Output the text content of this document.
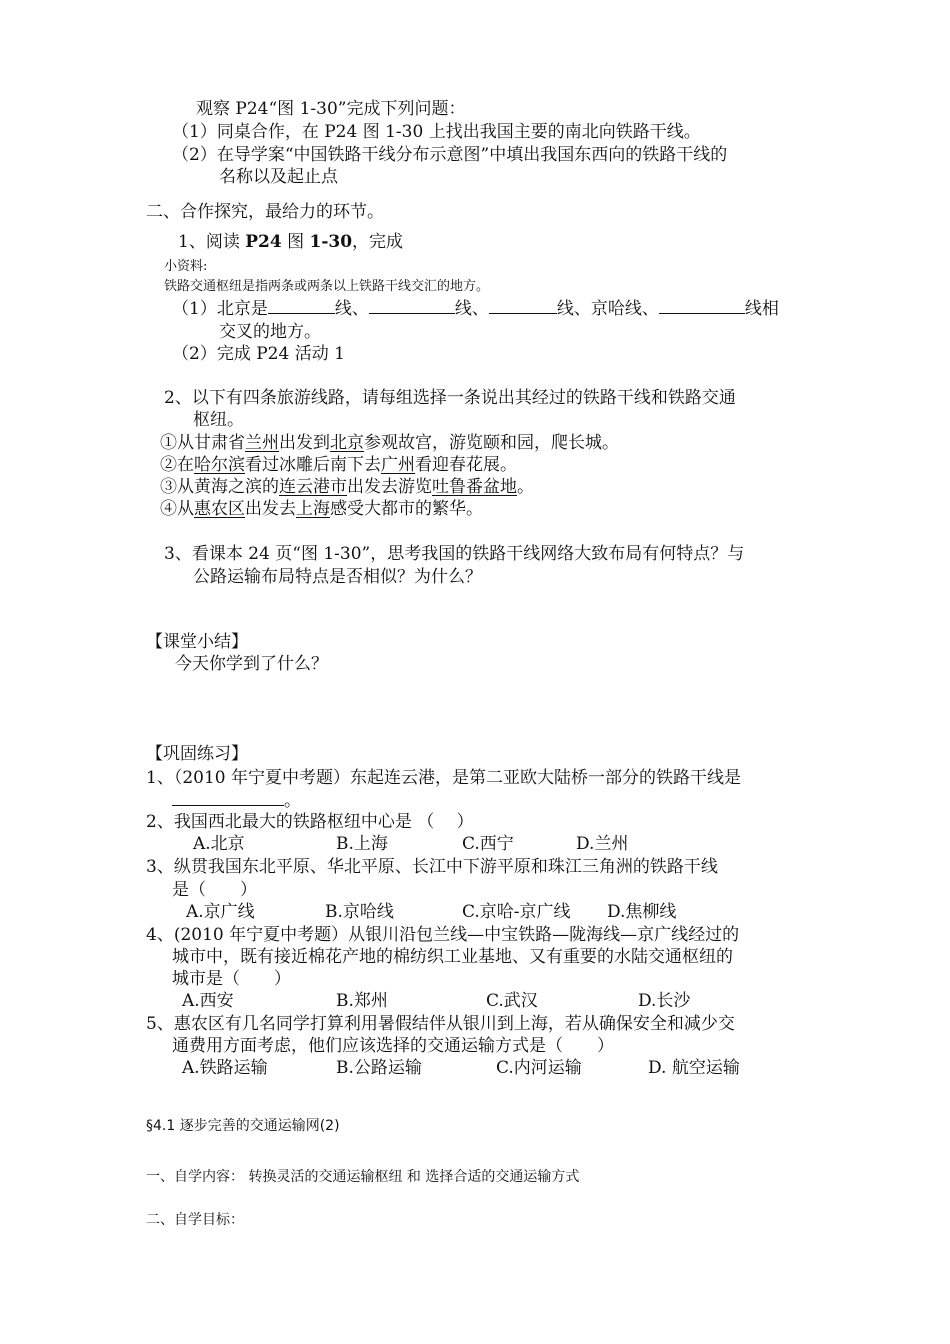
观察 P24“图 1-30”完成下列问题：
（1）同桌合作，在 P24 图 1-30 上找出我国主要的南北向铁路干线。
（2）在导学案“中国铁路干线分布示意图”中填出我国东西向的铁路干线的
名称以及起止点
二、合作探究，最给力的环节。
1、阅读 P24 图 1-30，完成
小资料:
铁路交通枢纽是指两条或两条以上铁路干线交汇的地方。
（1）北京是	线、	线、	线、京哈线、	线相
交叉的地方。
（2）完成 P24 活动 1
2、以下有四条旅游线路，请每组选择一条说出其经过的铁路干线和铁路交通
枢纽。
①从甘肃省兰州出发到北京参观故宫，游览颐和园，爬长城。
②在哈尔滨看过冰雕后南下去广州看迎春花展。
③从黄海之滨的连云港市出发去游览吐鲁番盆地。
④从惠农区出发去上海感受大都市的繁华。
3、看课本 24 页“图 1-30”，思考我国的铁路干线网络大致布局有何特点？与
公路运输布局特点是否相似？为什么？
【课堂小结】
今天你学到了什么？
【巩固练习】
1、（2010 年宁夏中考题）东起连云港，是第二亚欧大陆桥一部分的铁路干线是
。
2、我国西北最大的铁路枢纽中心是 （　 ）
A.北京	B.上海	C.西宁	D.兰州
3、纵贯我国东北平原、华北平原、长江中下游平原和珠江三角洲的铁路干线
是（　　）
A.京广线	B.京哈线	C.京哈-京广线 D.焦柳线
4、(2010 年宁夏中考题）从银川沿包兰线—中宝铁路—陇海线—京广线经过的
城市中，既有接近棉花产地的棉纺织工业基地、又有重要的水陆交通枢纽的
城市是（　　）
A.西安	B.郑州	C.武汉	D.长沙
5、惠农区有几名同学打算利用暑假结伴从银川到上海，若从确保安全和减少交
通费用方面考虑，他们应该选择的交通运输方式是（　　）
A.铁路运输	B.公路运输	C.内河运输	D. 航空运输
§4.1 逐步完善的交通运输网(2)
一、自学内容： 转换灵活的交通运输枢纽 和 选择合适的交通运输方式
二、自学目标：
